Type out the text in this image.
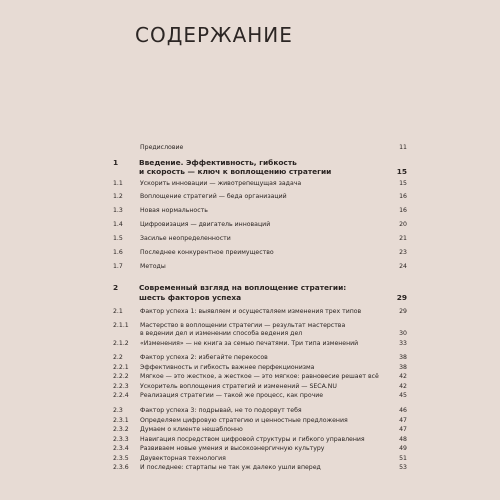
СОДЕРЖАНИЕ
Предисловие	11
1	Введение. Эффективность, гибкость
и скорость — ключ к воплощению стратегии	15
1.1	Ускорить инновации — животрепещущая задача	15
1.2	Воплощение стратегий — беда организаций	16
1.3	Новая нормальность	16
1.4	Цифровизация — двигатель инноваций	20
1.5	Засилье неопределенности	21
1.6	Последнее конкурентное преимущество	23
1.7	Методы	24
2	Современный взгляд на воплощение стратегии:
шесть факторов успеха	29
2.1	Фактор успеха 1: выявляем и осуществляем изменения трех типов	29
2.1.1 Мастерство в воплощении стратегии — результат мастерства
в ведении дел и изменении способа ведения дел	30
2.1.2 «Изменения» — не книга за семью печатями. Три типа изменений	33
2.2	Фактор успеха 2: избегайте перекосов	38
2.2.1 Эффективность и гибкость важнее перфекционизма	38
2.2.2 Мягкое — это жесткое, а жесткое — это мягкое: равновесие решает всё	42
2.2.3 Ускоритель воплощения стратегий и изменений — SECA.NU	42
2.2.4 Реализация стратегии — такой же процесс, как прочие	45
2.3	Фактор успеха 3: подрывай, не то подорвут тебя	46
2.3.1 Определяем цифровую стратегию и ценностные предложения	47
2.3.2 Думаем о клиенте нешаблонно	47
2.3.3 Навигация посредством цифровой структуры и гибкого управления	48
2.3.4 Развиваем новые умения и высокоэнергичную культуру	49
2.3.5 Двувекторная технология	51
2.3.6 И последнее: стартапы не так уж далеко ушли вперед	53
